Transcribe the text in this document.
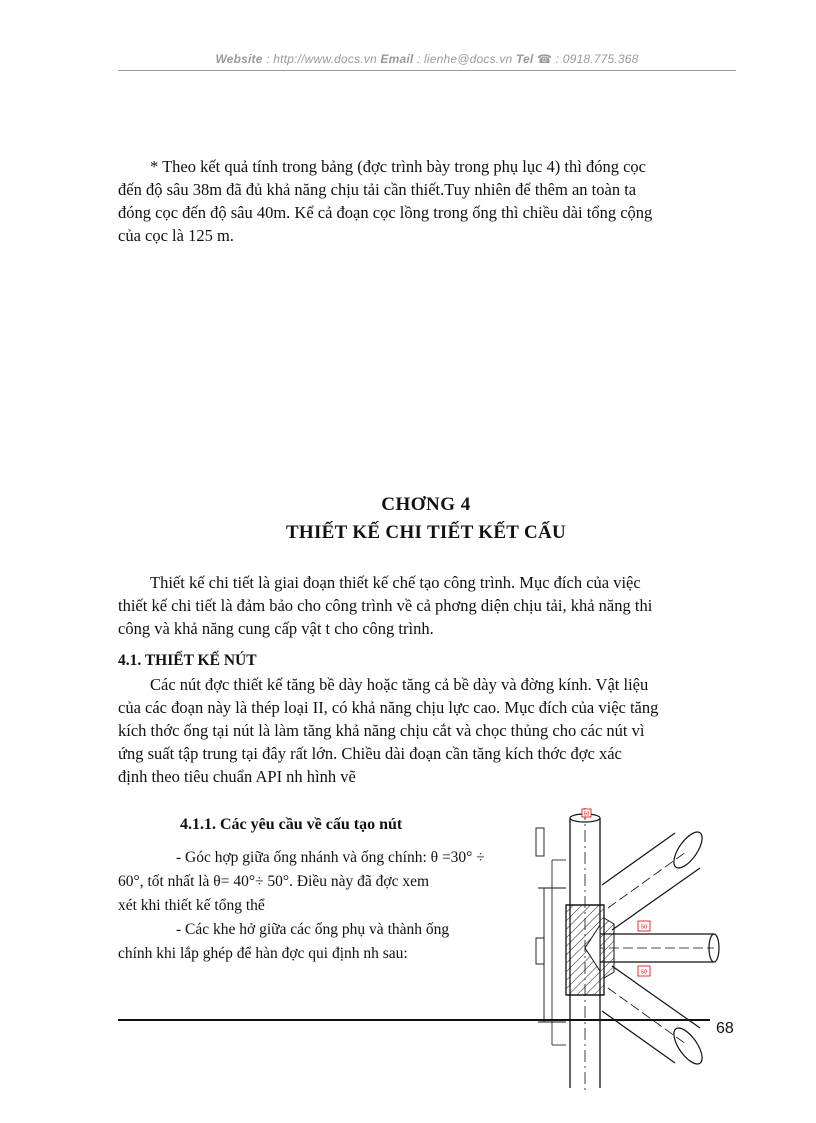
Website : http://www.docs.vn Email : lienhe@docs.vn Tel ☎ : 0918.775.368
* Theo kết quả tính trong bảng (đợc trình bày trong phụ lục 4) thì đóng cọc
đến độ sâu 38m đã đủ khả năng chịu tải cần thiết.Tuy nhiên để thêm an toàn ta
đóng cọc đến độ sâu 40m. Kể cả đoạn cọc lồng trong ống thì chiều dài tổng cộng
của cọc là 125 m.
CHƠNG 4
THIẾT KẾ CHI TIẾT KẾT CẤU
Thiết kế chi tiết là giai đoạn thiết kế chế tạo công trình. Mục đích của việc
thiết kế chi tiết là đảm bảo cho công trình về cả phơng diện chịu tải, khả năng thi
công và khả năng cung cấp vật t cho công trình.
4.1. THIẾT KẾ NÚT
Các nút đợc thiết kế tăng bề dày hoặc tăng cả bề dày và đờng kính. Vật liệu
của các đoạn này là thép loại II, có khả năng chịu lực cao. Mục đích của việc tăng
kích thớc ống tại nút là làm tăng khả năng chịu cắt và chọc thủng cho các nút vì
ứng suất tập trung tại đây rất lớn. Chiều dài đoạn cần tăng kích thớc đợc xác
định theo tiêu chuẩn API nh hình vẽ
4.1.1. Các yêu cầu về cấu tạo nút
- Góc hợp giữa ống nhánh và ống chính: θ =30° ÷
60°, tốt nhất là θ= 40°÷ 50°. Điều này đã đợc xem
xét khi thiết kế tổng thể
- Các khe hở giữa các ống phụ và thành ống
chính khi lắp ghép để hàn đợc qui định nh sau:
50
50
50
68
